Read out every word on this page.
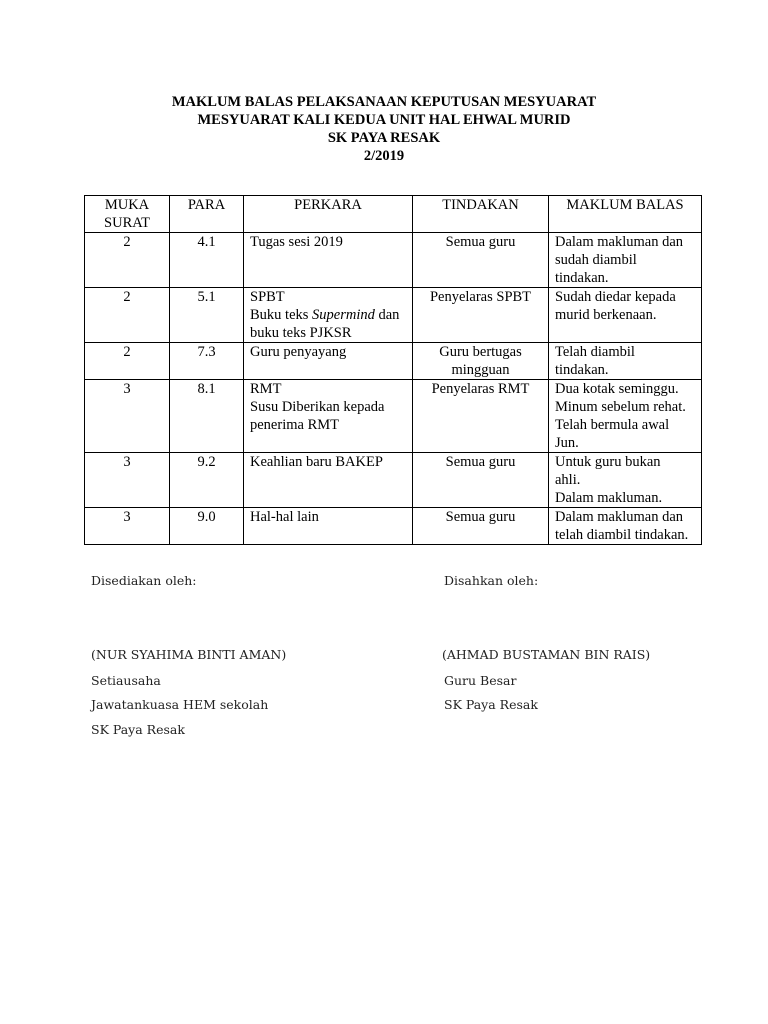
MAKLUM BALAS PELAKSANAAN KEPUTUSAN MESYUARAT
MESYUARAT KALI KEDUA UNIT HAL EHWAL MURID
SK PAYA RESAK
2/2019
MUKA
SURAT	PARA	PERKARA	TINDAKAN	MAKLUM BALAS
2	4.1	Tugas sesi 2019	Semua guru	Dalam makluman dan
sudah diambil
tindakan.

2	5.1	SPBT
Buku teks Supermind dan
buku teks PJKSR	Penyelaras SPBT	Sudah diedar kepada
murid berkenaan.

2	7.3	Guru penyayang	Guru bertugas
mingguan	Telah diambil
tindakan.

3	8.1	RMT
Susu Diberikan kepada
penerima RMT	Penyelaras RMT	Dua kotak seminggu.
Minum sebelum rehat.
Telah bermula awal
Jun.

3	9.2	Keahlian baru BAKEP	Semua guru	Untuk guru bukan
ahli.
Dalam makluman.

3	9.0	Hal-hal lain	Semua guru	Dalam makluman dan
telah diambil tindakan.
Disediakan oleh:
(NUR SYAHIMA BINTI AMAN)
Setiausaha
Jawatankuasa HEM sekolah
SK Paya Resak
Disahkan oleh:
(AHMAD BUSTAMAN BIN RAIS)
Guru Besar
SK Paya Resak
